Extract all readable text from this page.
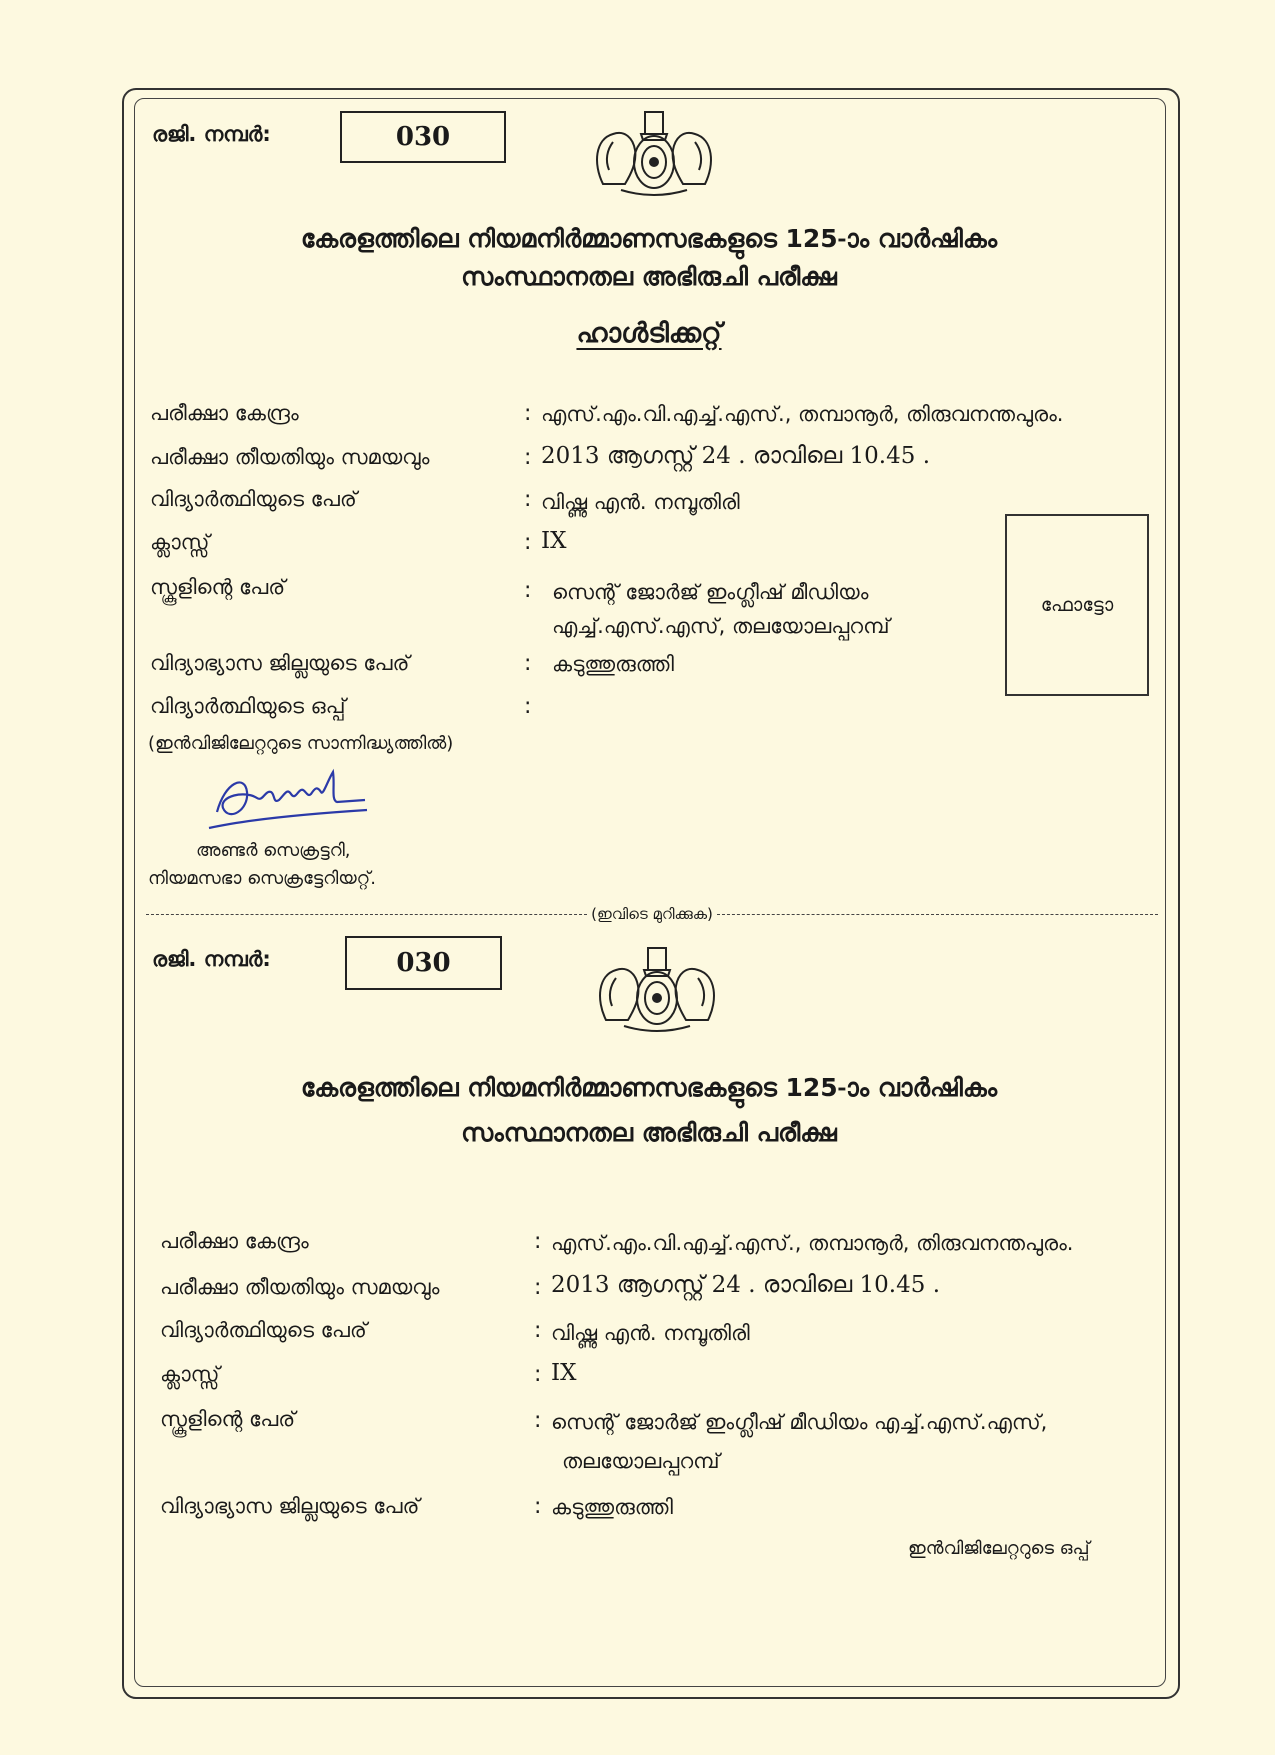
രജി. നമ്പർ:	030
കേരളത്തിലെ നിയമനിർമ്മാണസഭകളുടെ 125-ാം വാർഷികം
സംസ്ഥാനതല അഭിരുചി പരീക്ഷ
ഹാൾടിക്കറ്റ്
പരീക്ഷാ കേന്ദ്രം	: എസ്.എം.വി.എച്ച്.എസ്., തമ്പാനൂർ, തിരുവനന്തപുരം.
പരീക്ഷാ തീയതിയും സമയവും	: 2013 ആഗസ്റ്റ് 24 . രാവിലെ 10.45 .
വിദ്യാർത്ഥിയുടെ പേര്	: വിഷ്ണു എൻ. നമ്പൂതിരി
ക്ലാസ്സ്	: IX
സ്കൂളിന്റെ പേര്	: സെന്റ് ജോർജ് ഇംഗ്ലീഷ് മീഡിയം
എച്ച്.എസ്.എസ്, തലയോലപ്പറമ്പ്
വിദ്യാഭ്യാസ ജില്ലയുടെ പേര്	: കടുത്തുരുത്തി
വിദ്യാർത്ഥിയുടെ ഒപ്പ്	:
(ഇൻവിജിലേറ്ററുടെ സാന്നിദ്ധ്യത്തിൽ)
ഫോട്ടോ
അണ്ടർ സെക്രട്ടറി,
നിയമസഭാ സെക്രട്ടേറിയറ്റ്.
(ഇവിടെ മുറിക്കുക)
രജി. നമ്പർ:	030
കേരളത്തിലെ നിയമനിർമ്മാണസഭകളുടെ 125-ാം വാർഷികം
സംസ്ഥാനതല അഭിരുചി പരീക്ഷ
പരീക്ഷാ കേന്ദ്രം	: എസ്.എം.വി.എച്ച്.എസ്., തമ്പാനൂർ, തിരുവനന്തപുരം.
പരീക്ഷാ തീയതിയും സമയവും	: 2013 ആഗസ്റ്റ് 24 . രാവിലെ 10.45 .
വിദ്യാർത്ഥിയുടെ പേര്	: വിഷ്ണു എൻ. നമ്പൂതിരി
ക്ലാസ്സ്	: IX
സ്കൂളിന്റെ പേര്	: സെന്റ് ജോർജ് ഇംഗ്ലീഷ് മീഡിയം എച്ച്.എസ്.എസ്,
തലയോലപ്പറമ്പ്
വിദ്യാഭ്യാസ ജില്ലയുടെ പേര്	: കടുത്തുരുത്തി
ഇൻവിജിലേറ്ററുടെ ഒപ്പ്
